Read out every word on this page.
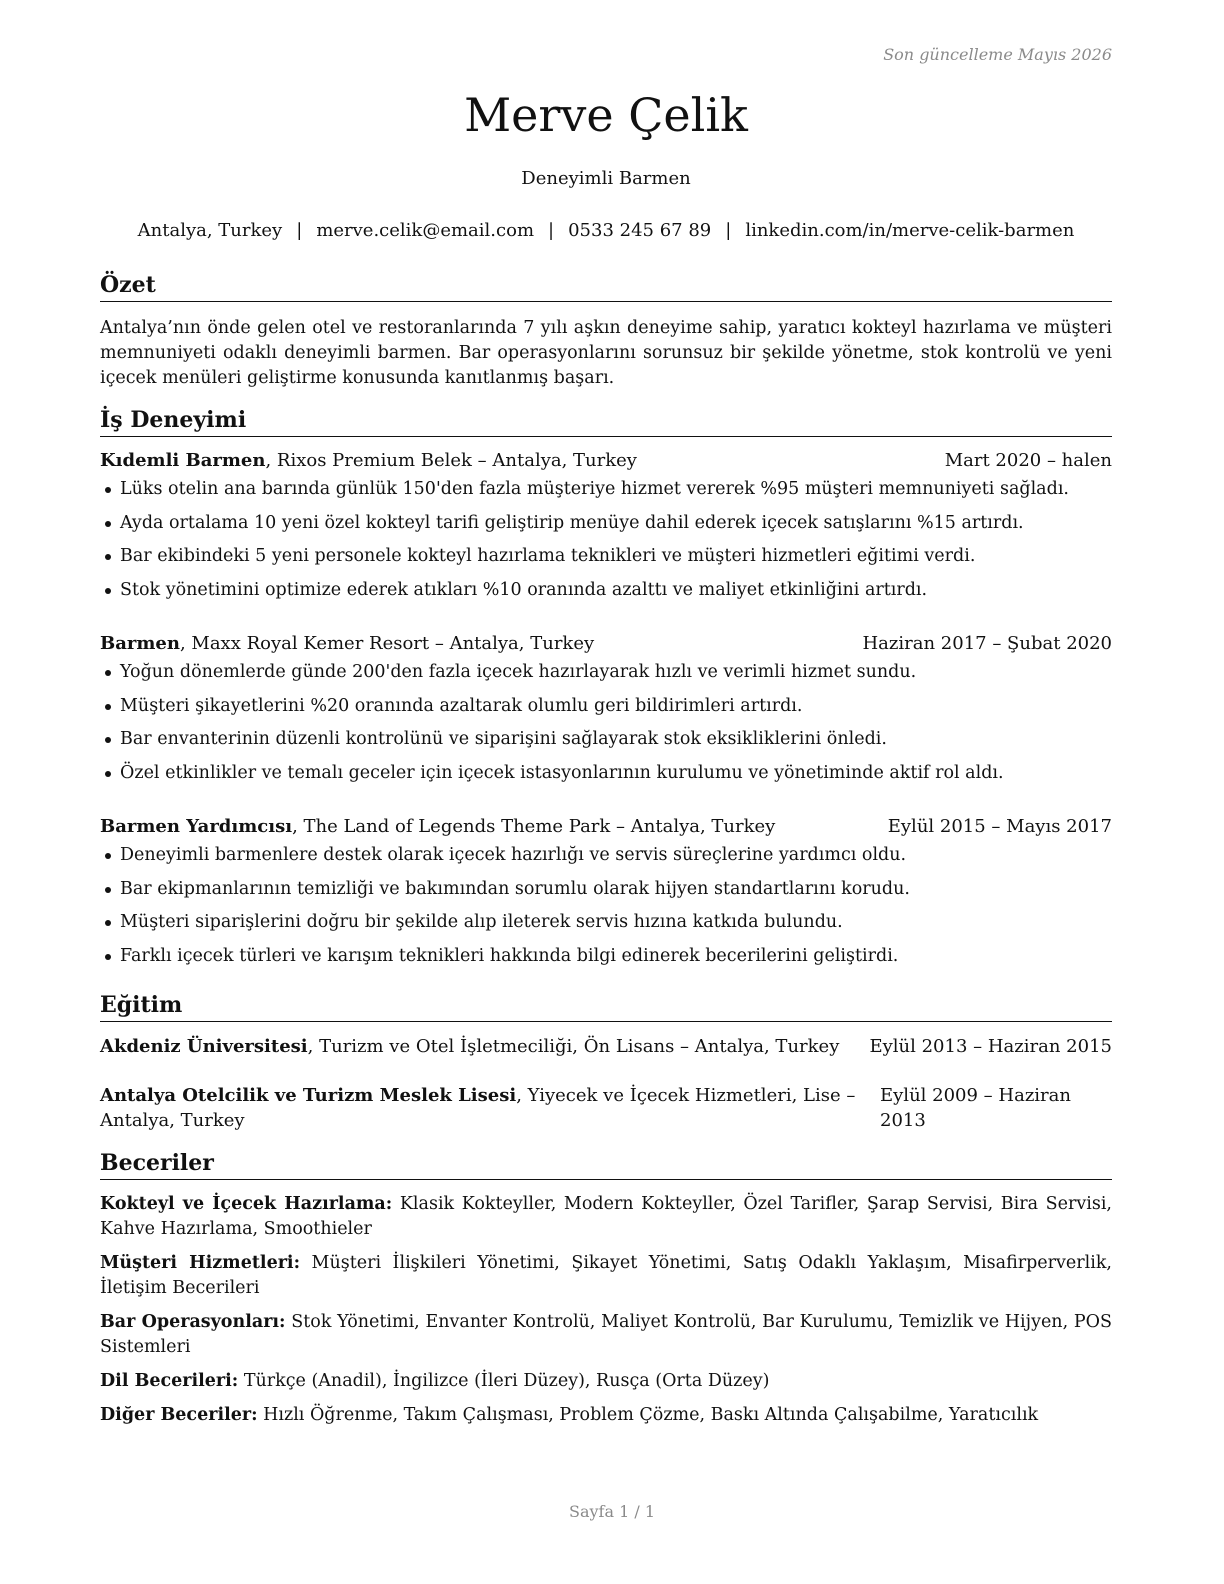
Son güncelleme Mayıs 2026
Merve Çelik
Deneyimli Barmen
Antalya, Turkey | merve.celik@email.com | 0533 245 67 89 | linkedin.com/in/merve-celik-barmen
Özet
Antalya’nın önde gelen otel ve restoranlarında 7 yılı aşkın deneyime sahip, yaratıcı kokteyl hazırlama ve müşteri memnuniyeti odaklı deneyimli barmen. Bar operasyonlarını sorunsuz bir şekilde yönetme, stok kontrolü ve yeni içecek menüleri geliştirme konusunda kanıtlanmış başarı.
İş Deneyimi
Kıdemli Barmen, Rixos Premium Belek – Antalya, Turkey	Mart 2020 – halen
Lüks otelin ana barında günlük 150'den fazla müşteriye hizmet vererek %95 müşteri memnuniyeti sağladı.
Ayda ortalama 10 yeni özel kokteyl tarifi geliştirip menüye dahil ederek içecek satışlarını %15 artırdı.
Bar ekibindeki 5 yeni personele kokteyl hazırlama teknikleri ve müşteri hizmetleri eğitimi verdi.
Stok yönetimini optimize ederek atıkları %10 oranında azalttı ve maliyet etkinliğini artırdı.
Barmen, Maxx Royal Kemer Resort – Antalya, Turkey	Haziran 2017 – Şubat 2020
Yoğun dönemlerde günde 200'den fazla içecek hazırlayarak hızlı ve verimli hizmet sundu.
Müşteri şikayetlerini %20 oranında azaltarak olumlu geri bildirimleri artırdı.
Bar envanterinin düzenli kontrolünü ve siparişini sağlayarak stok eksikliklerini önledi.
Özel etkinlikler ve temalı geceler için içecek istasyonlarının kurulumu ve yönetiminde aktif rol aldı.
Barmen Yardımcısı, The Land of Legends Theme Park – Antalya, Turkey	Eylül 2015 – Mayıs 2017
Deneyimli barmenlere destek olarak içecek hazırlığı ve servis süreçlerine yardımcı oldu.
Bar ekipmanlarının temizliği ve bakımından sorumlu olarak hijyen standartlarını korudu.
Müşteri siparişlerini doğru bir şekilde alıp ileterek servis hızına katkıda bulundu.
Farklı içecek türleri ve karışım teknikleri hakkında bilgi edinerek becerilerini geliştirdi.
Eğitim
Akdeniz Üniversitesi, Turizm ve Otel İşletmeciliği, Ön Lisans – Antalya, Turkey Eylül 2013 – Haziran 2015
Antalya Otelcilik ve Turizm Meslek Lisesi, Yiyecek ve İçecek Hizmetleri, Lise – Antalya, Turkey
Eylül 2009 – Haziran 2013
Beceriler
Kokteyl ve İçecek Hazırlama: Klasik Kokteyller, Modern Kokteyller, Özel Tarifler, Şarap Servisi, Bira Servisi, Kahve Hazırlama, Smoothieler
Müşteri Hizmetleri: Müşteri İlişkileri Yönetimi, Şikayet Yönetimi, Satış Odaklı Yaklaşım, Misafirperverlik, İletişim Becerileri
Bar Operasyonları: Stok Yönetimi, Envanter Kontrolü, Maliyet Kontrolü, Bar Kurulumu, Temizlik ve Hijyen, POS Sistemleri
Dil Becerileri: Türkçe (Anadil), İngilizce (İleri Düzey), Rusça (Orta Düzey)
Diğer Beceriler: Hızlı Öğrenme, Takım Çalışması, Problem Çözme, Baskı Altında Çalışabilme, Yaratıcılık
Sayfa 1 / 1
